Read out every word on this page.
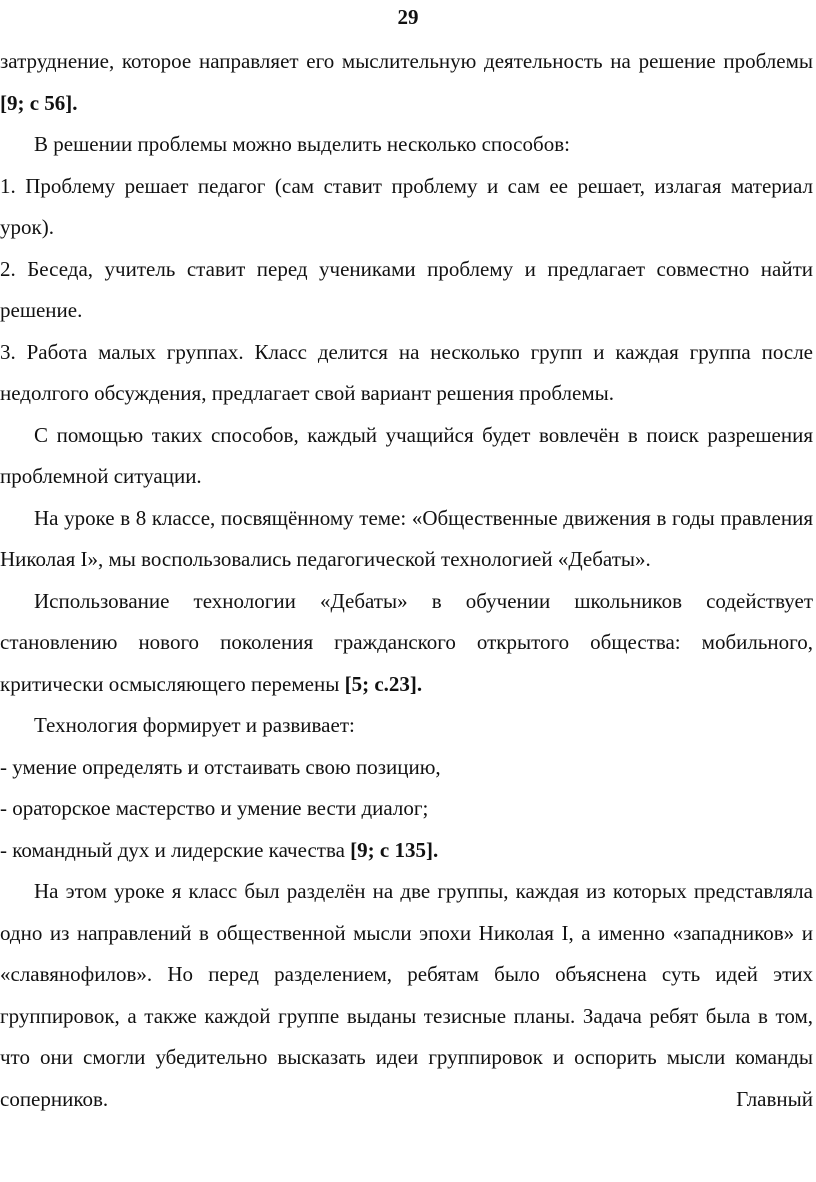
29

затруднение, которое направляет его мыслительную деятельность на решение проблемы [9; с 56].

В решении проблемы можно выделить несколько способов:

1. Проблему решает педагог (сам ставит проблему и сам ее решает, излагая материал урок).

2. Беседа, учитель ставит перед учениками проблему и предлагает совместно найти решение.

3. Работа малых группах. Класс делится на несколько групп и каждая группа после недолгого обсуждения, предлагает свой вариант решения проблемы.

С помощью таких способов, каждый учащийся будет вовлечён в поиск разрешения проблемной ситуации.

На уроке в 8 классе, посвящённому теме: «Общественные движения в годы правления Николая I», мы воспользовались педагогической технологией «Дебаты».

Использование технологии «Дебаты» в обучении школьников содействует становлению нового поколения гражданского открытого общества: мобильного, критически осмысляющего перемены [5; с.23].

Технология формирует и развивает:

- умение определять и отстаивать свою позицию,

- ораторское мастерство и умение вести диалог;

- командный дух и лидерские качества [9; с 135].

На этом уроке я класс был разделён на две группы, каждая из которых представляла одно из направлений в общественной мысли эпохи Николая I, а именно «западников» и «славянофилов». Но перед разделением, ребятам было объяснена суть идей этих группировок, а также каждой группе выданы тезисные планы. Задача ребят была в том, что они смогли убедительно высказать идеи группировок и оспорить мысли команды соперников. Главный
